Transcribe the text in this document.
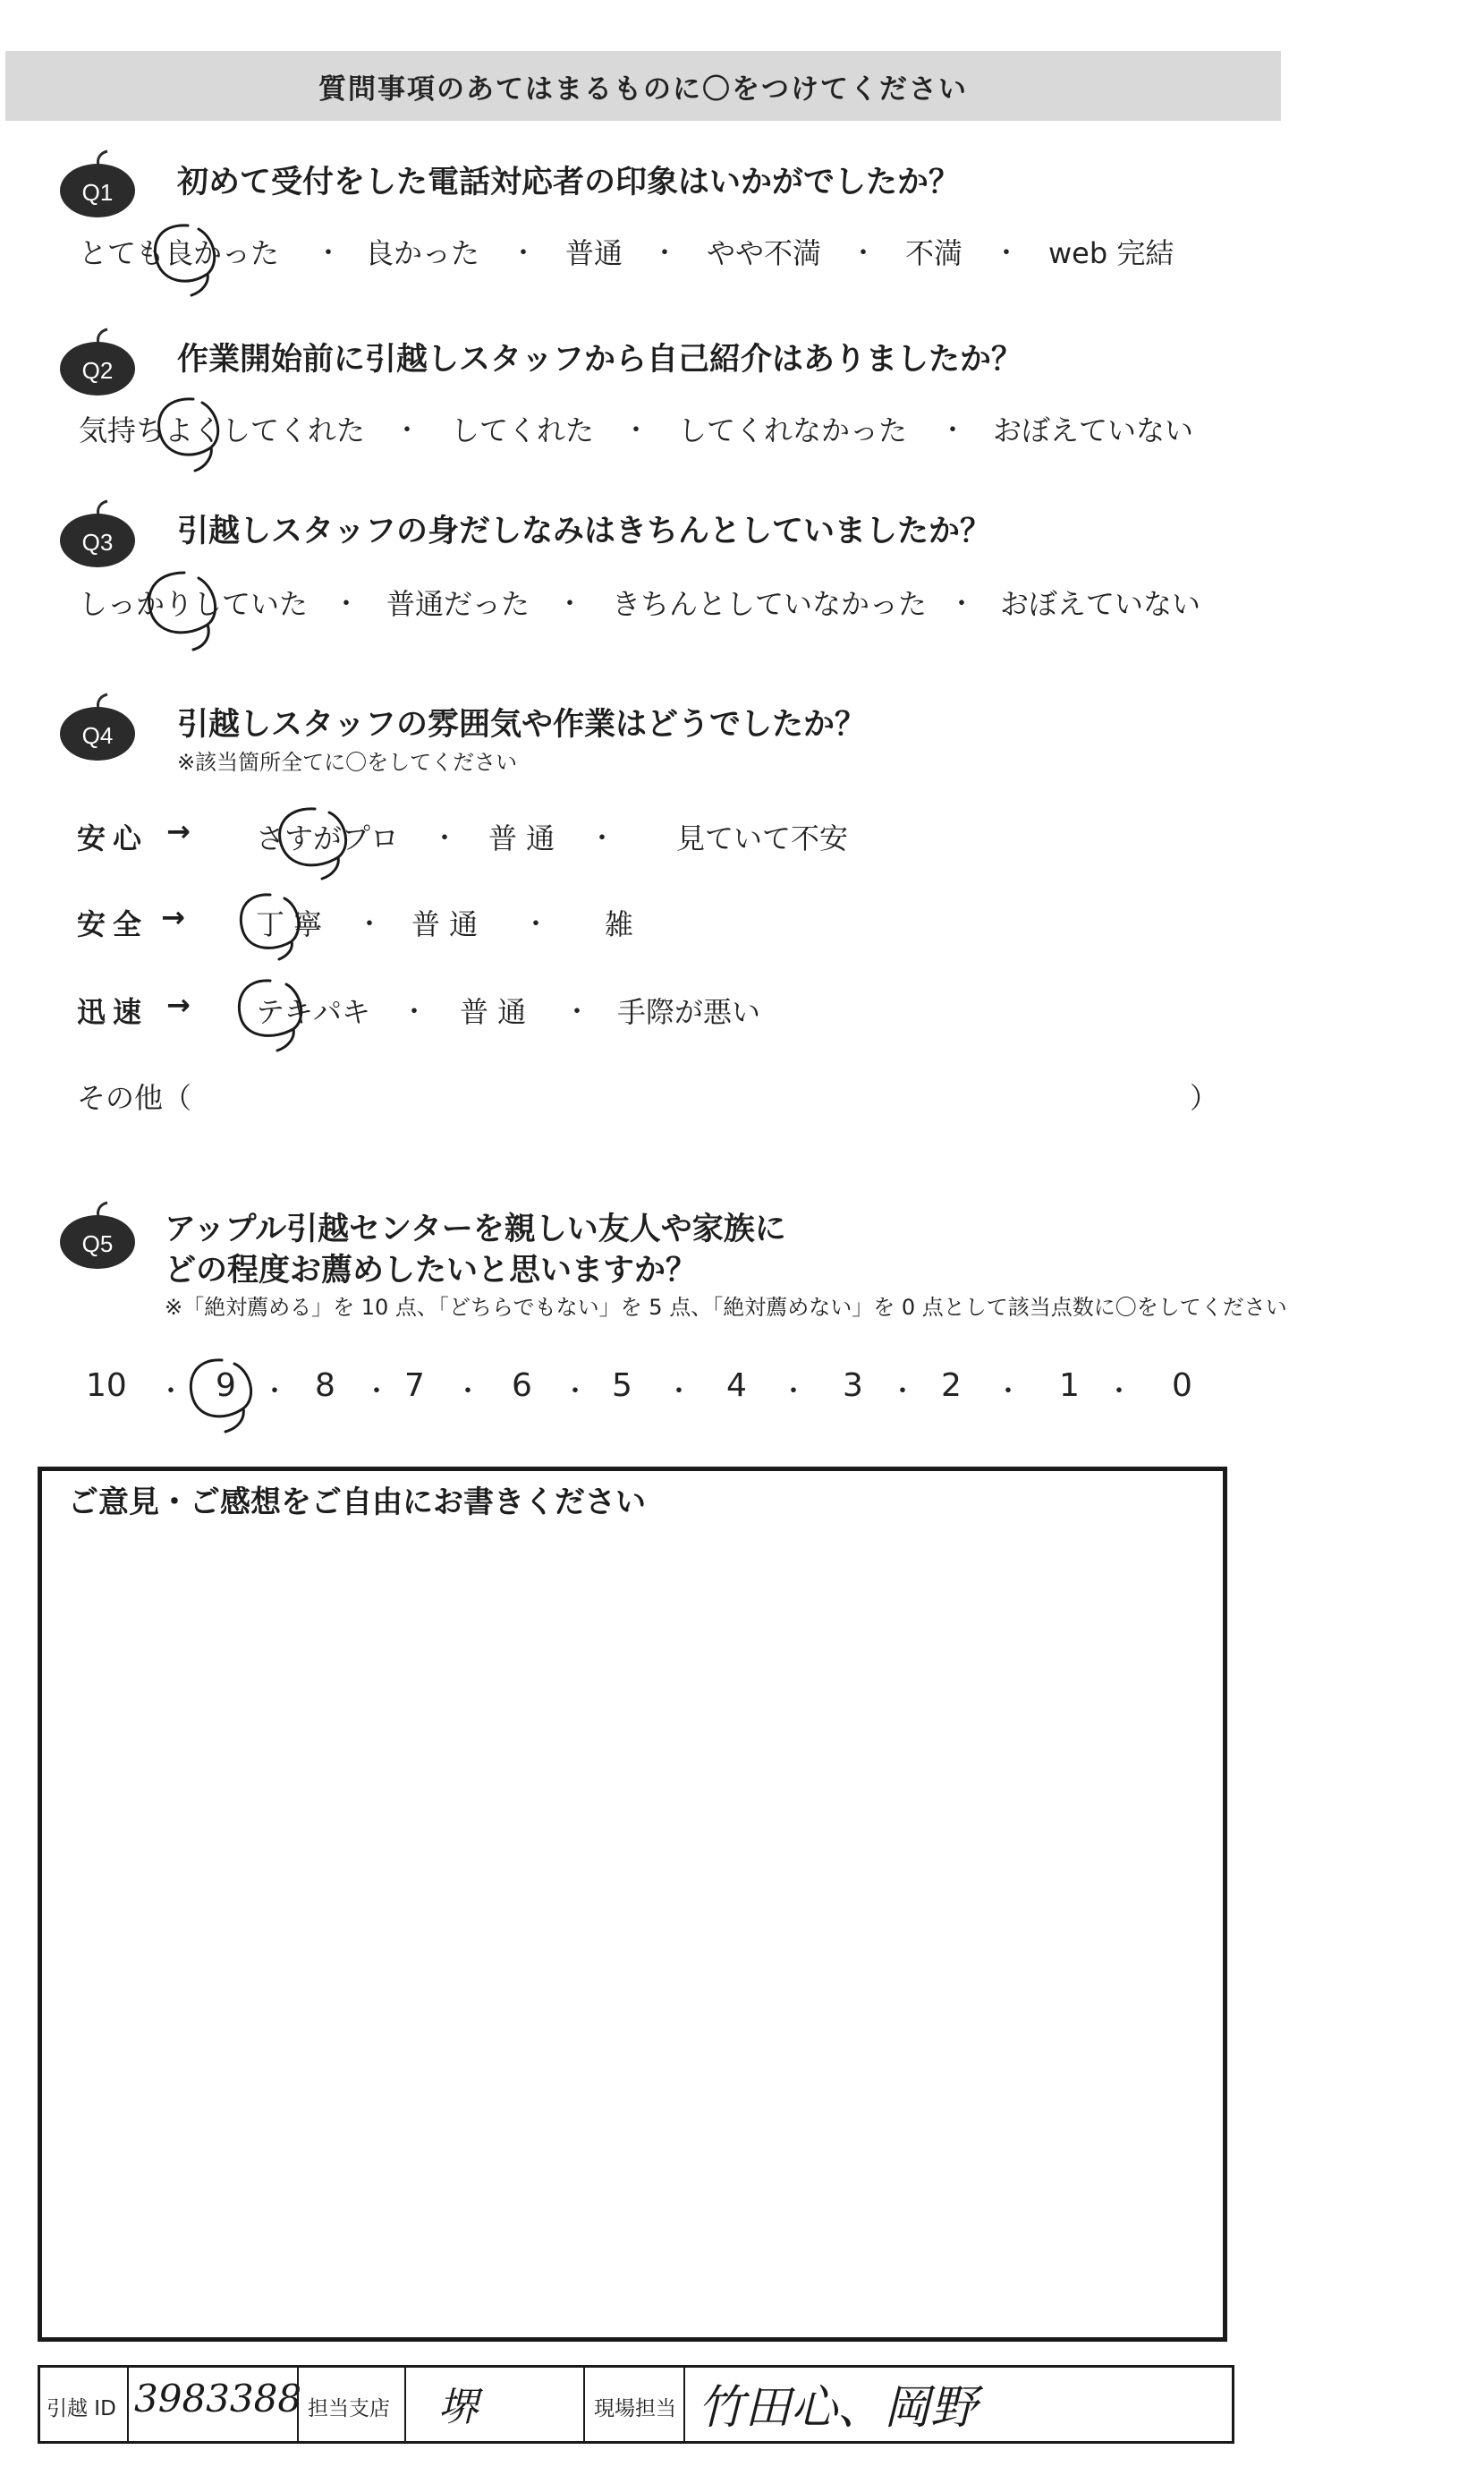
質問事項のあてはまるものに〇をつけてください
Q1 初めて受付をした電話対応者の印象はいかがでしたか？
とても良かった ・ 良かった ・ 普通 ・ やや不満 ・ 不満 ・ web 完結
Q2 作業開始前に引越しスタッフから自己紹介はありましたか？
気持ちよくしてくれた ・ してくれた ・ してくれなかった ・ おぼえていない
Q3 引越しスタッフの身だしなみはきちんとしていましたか？
しっかりしていた ・ 普通だった ・ きちんとしていなかった ・ おぼえていない
Q4 引越しスタッフの雰囲気や作業はどうでしたか？
※該当箇所全てに〇をしてください
安心 → さすがプロ ・ 普 通 ・ 見ていて不安
安全 → 丁 寧 ・ 普 通 ・ 雑
迅速 → テキパキ ・ 普 通 ・ 手際が悪い
その他（	）
Q5 アップル引越センターを親しい友人や家族に
どの程度お薦めしたいと思いますか？
※「絶対薦める」を 10 点、「どちらでもない」を 5 点、「絶対薦めない」を 0 点として該当点数に〇をしてください
10 ・ 9 ・ 8 ・ 7 ・ 6 ・ 5 ・ 4 ・ 3 ・ 2 ・ 1 ・ 0
ご意見・ご感想をご自由にお書きください
引越 ID 3983388 担当支店 堺	現場担当 竹田心、岡野
